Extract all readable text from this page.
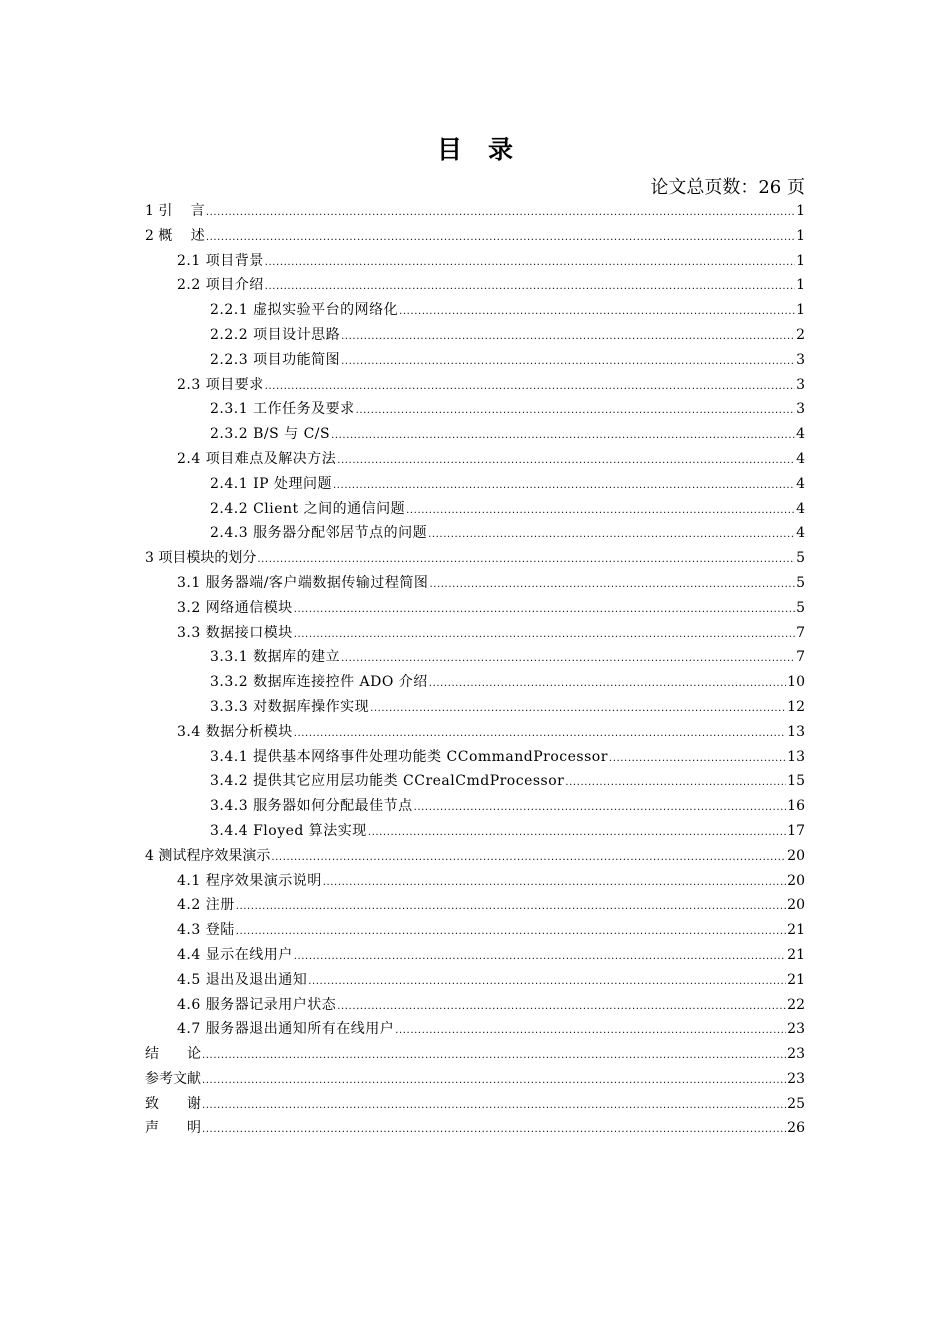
目录
论文总页数：26 页
1 引　 言 .....	1
2 概　 述 .....	1
2.1 项目背景 .....	1
2.2 项目介绍 .....	1
2.2.1 虚拟实验平台的网络化 .....	1
2.2.2 项目设计思路 .....	2
2.2.3 项目功能简图 .....	3
2.3 项目要求 .....	3
2.3.1 工作任务及要求 .....	3
2.3.2 B/S 与 C/S .....	4
2.4 项目难点及解决方法 .....	4
2.4.1 IP 处理问题 .....	4
2.4.2 Client 之间的通信问题 .....	4
2.4.3 服务器分配邻居节点的问题 .....	4
3 项目模块的划分 .....	5
3.1 服务器端/客户端数据传输过程简图 .....	5
3.2 网络通信模块 .....	5
3.3 数据接口模块 .....	7
3.3.1 数据库的建立 .....	7
3.3.2 数据库连接控件 ADO 介绍 .....	10
3.3.3 对数据库操作实现 .....	12
3.4 数据分析模块 .....	13
3.4.1 提供基本网络事件处理功能类 CCommandProcessor .....	13
3.4.2 提供其它应用层功能类 CCrealCmdProcessor .....	15
3.4.3 服务器如何分配最佳节点 .....	16
3.4.4 Floyed 算法实现 .....	17
4 测试程序效果演示 .....	20
4.1 程序效果演示说明 .....	20
4.2 注册 .....	20
4.3 登陆 .....	21
4.4 显示在线用户 .....	21
4.5 退出及退出通知 .....	21
4.6 服务器记录用户状态 .....	22
4.7 服务器退出通知所有在线用户 .....	23
结　　论 .....	23
参考文献 .....	23
致　　谢 .....	25
声　　明 .....	26
